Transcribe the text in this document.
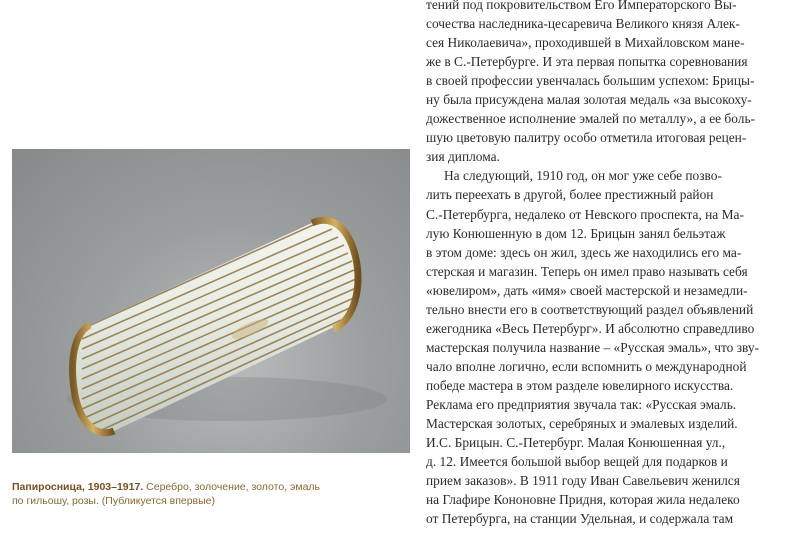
Папиросница, 1903–1917. Серебро, золочение, золото, эмаль по гильошу, розы. (Публикуется впервые)

тений под покровительством Его Императорского Вы-
сочества наследника-цесаревича Великого князя Алек-
сея Николаевича», проходившей в Михайловском мане-
же в С.-Петербурге. И эта первая попытка соревнования
в своей профессии увенчалась большим успехом: Брицы-
ну была присуждена малая золотая медаль «за высокоху-
дожественное исполнение эмалей по металлу», а ее боль-
шую цветовую палитру особо отметила итоговая рецен-
зия диплома.

На следующий, 1910 год, он мог уже себе позво-
лить переехать в другой, более престижный район
С.-Петербурга, недалеко от Невского проспекта, на Ма-
лую Конюшенную в дом 12. Брицын занял бельэтаж
в этом доме: здесь он жил, здесь же находились его ма-
стерская и магазин. Теперь он имел право называть себя
«ювелиром», дать «имя» своей мастерской и незамедли-
тельно внести его в соответствующий раздел объявлений
ежегодника «Весь Петербург». И абсолютно справедливо
мастерская получила название – «Русская эмаль», что зву-
чало вполне логично, если вспомнить о международной
победе мастера в этом разделе ювелирного искусства.
Реклама его предприятия звучала так: «Русская эмаль.
Мастерская золотых, серебряных и эмалевых изделий.
И.С. Брицын. С.-Петербург. Малая Конюшенная ул.,
д. 12. Имеется большой выбор вещей для подарков и
прием заказов». В 1911 году Иван Савельевич женился
на Глафире Кононовне Придня, которая жила недалеко
от Петербурга, на станции Удельная, и содержала там
